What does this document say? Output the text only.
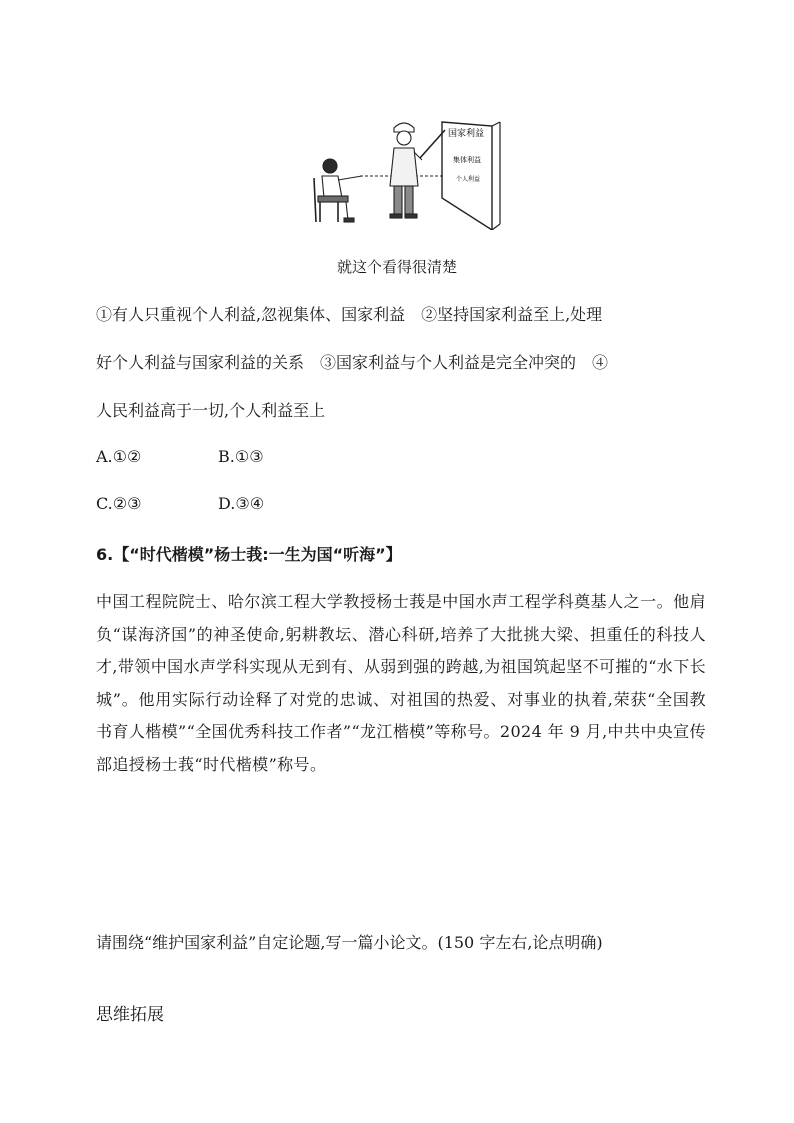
国家利益
集体利益
个人利益
就这个看得很清楚
①有人只重视个人利益,忽视集体、国家利益　②坚持国家利益至上,处理
好个人利益与国家利益的关系　③国家利益与个人利益是完全冲突的　④
人民利益高于一切,个人利益至上
A.①②	B.①③
C.②③	D.③④
6.【“时代楷模”杨士莪:一生为国“听海”】
中国工程院院士、哈尔滨工程大学教授杨士莪是中国水声工程学科奠基人之一。他肩负“谋海济国”的神圣使命,躬耕教坛、潜心科研,培养了大批挑大梁、担重任的科技人才,带领中国水声学科实现从无到有、从弱到强的跨越,为祖国筑起坚不可摧的“水下长城”。他用实际行动诠释了对党的忠诚、对祖国的热爱、对事业的执着,荣获“全国教书育人楷模”“全国优秀科技工作者”“龙江楷模”等称号。2024 年 9 月,中共中央宣传部追授杨士莪“时代楷模”称号。
请围绕“维护国家利益”自定论题,写一篇小论文。(150 字左右,论点明确)
思维拓展
